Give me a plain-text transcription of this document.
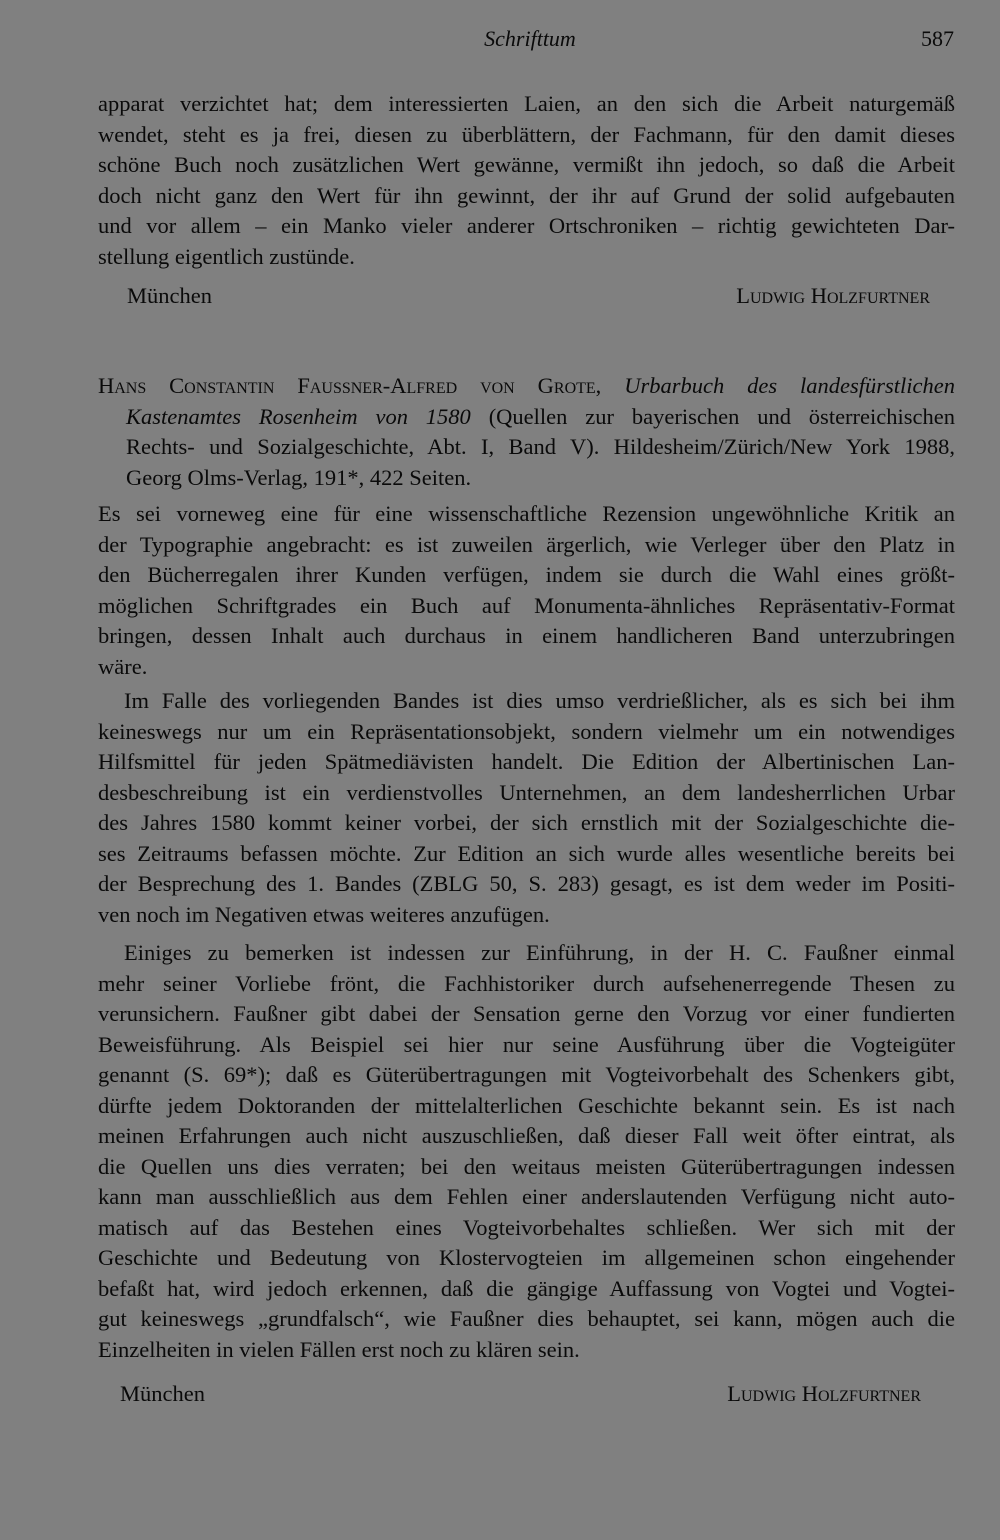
Schrifttum	587
apparat verzichtet hat; dem interessierten Laien, an den sich die Arbeit naturgemäß
wendet, steht es ja frei, diesen zu überblättern, der Fachmann, für den damit dieses
schöne Buch noch zusätzlichen Wert gewänne, vermißt ihn jedoch, so daß die Arbeit
doch nicht ganz den Wert für ihn gewinnt, der ihr auf Grund der solid aufgebauten
und vor allem – ein Manko vieler anderer Ortschroniken – richtig gewichteten Dar-
stellung eigentlich zustünde.
München	Ludwig Holzfurtner
Hans Constantin Faussner-Alfred von Grote, Urbarbuch des landesfürstlichen
Kastenamtes Rosenheim von 1580 (Quellen zur bayerischen und österreichischen
Rechts- und Sozialgeschichte, Abt. I, Band V). Hildesheim/Zürich/New York 1988,
Georg Olms-Verlag, 191*, 422 Seiten.
Es sei vorneweg eine für eine wissenschaftliche Rezension ungewöhnliche Kritik an
der Typographie angebracht: es ist zuweilen ärgerlich, wie Verleger über den Platz in
den Bücherregalen ihrer Kunden verfügen, indem sie durch die Wahl eines größt-
möglichen Schriftgrades ein Buch auf Monumenta-ähnliches Repräsentativ-Format
bringen, dessen Inhalt auch durchaus in einem handlicheren Band unterzubringen
wäre.
Im Falle des vorliegenden Bandes ist dies umso verdrießlicher, als es sich bei ihm
keineswegs nur um ein Repräsentationsobjekt, sondern vielmehr um ein notwendiges
Hilfsmittel für jeden Spätmediävisten handelt. Die Edition der Albertinischen Lan-
desbeschreibung ist ein verdienstvolles Unternehmen, an dem landesherrlichen Urbar
des Jahres 1580 kommt keiner vorbei, der sich ernstlich mit der Sozialgeschichte die-
ses Zeitraums befassen möchte. Zur Edition an sich wurde alles wesentliche bereits bei
der Besprechung des 1. Bandes (ZBLG 50, S. 283) gesagt, es ist dem weder im Positi-
ven noch im Negativen etwas weiteres anzufügen.
Einiges zu bemerken ist indessen zur Einführung, in der H. C. Faußner einmal
mehr seiner Vorliebe frönt, die Fachhistoriker durch aufsehenerregende Thesen zu
verunsichern. Faußner gibt dabei der Sensation gerne den Vorzug vor einer fundierten
Beweisführung. Als Beispiel sei hier nur seine Ausführung über die Vogteigüter
genannt (S. 69*); daß es Güterübertragungen mit Vogteivorbehalt des Schenkers gibt,
dürfte jedem Doktoranden der mittelalterlichen Geschichte bekannt sein. Es ist nach
meinen Erfahrungen auch nicht auszuschließen, daß dieser Fall weit öfter eintrat, als
die Quellen uns dies verraten; bei den weitaus meisten Güterübertragungen indessen
kann man ausschließlich aus dem Fehlen einer anderslautenden Verfügung nicht auto-
matisch auf das Bestehen eines Vogteivorbehaltes schließen. Wer sich mit der
Geschichte und Bedeutung von Klostervogteien im allgemeinen schon eingehender
befaßt hat, wird jedoch erkennen, daß die gängige Auffassung von Vogtei und Vogtei-
gut keineswegs „grundfalsch“, wie Faußner dies behauptet, sei kann, mögen auch die
Einzelheiten in vielen Fällen erst noch zu klären sein.
München	Ludwig Holzfurtner
